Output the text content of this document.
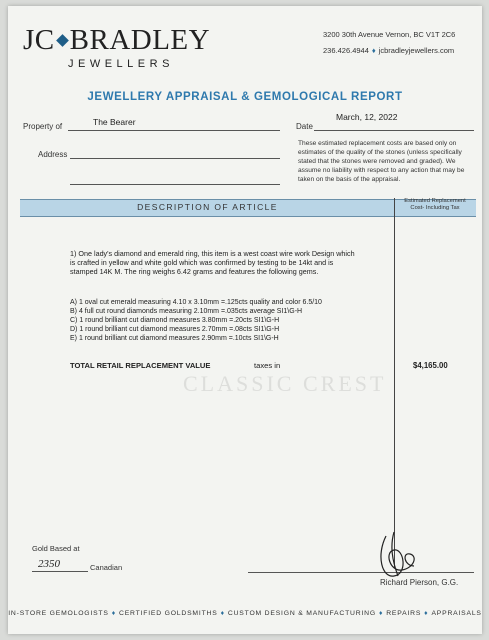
JC BRADLEY
JEWELLERS
3200 30th Avenue Vernon, BC V1T 2C6
236.426.4944 ♦ jcbradleyjewellers.com
JEWELLERY APPRAISAL & GEMOLOGICAL REPORT
Property of	The Bearer	Date
March, 12, 2022
Address
These estimated replacement costs are based only on estimates of the quality of the stones (unless specifically stated that the stones were removed and graded). We assume no liability with respect to any action that may be taken on the basis of the appraisal.
DESCRIPTION OF ARTICLE
Estimated Replacement
Cost- Including Tax
1) One lady's diamond and emerald ring, this item is a west coast wire work Design which is crafted in yellow and white gold which was confirmed by testing to be 14kt and is stamped 14K M. The ring weighs 6.42 grams and features the following gems.
A) 1 oval cut emerald measuring 4.10 x 3.10mm =.125cts quality and color 6.5/10
B) 4 full cut round diamonds measuring 2.10mm =.035cts average SI1\G-H
C) 1 round brilliant cut diamond measures 3.80mm =.20cts SI1\G-H
D) 1 round brilliant cut diamond measures 2.70mm =.08cts SI1\G-H
E) 1 round brilliant cut diamond measures 2.90mm =.10cts SI1\G-H
TOTAL RETAIL REPLACEMENT VALUE	taxes in	$4,165.00
CLASSIC CREST
Gold Based at
2350	Canadian
Richard Pierson, G.G.
IN-STORE GEMOLOGISTS ♦ CERTIFIED GOLDSMITHS ♦ CUSTOM DESIGN & MANUFACTURING ♦ REPAIRS ♦ APPRAISALS
